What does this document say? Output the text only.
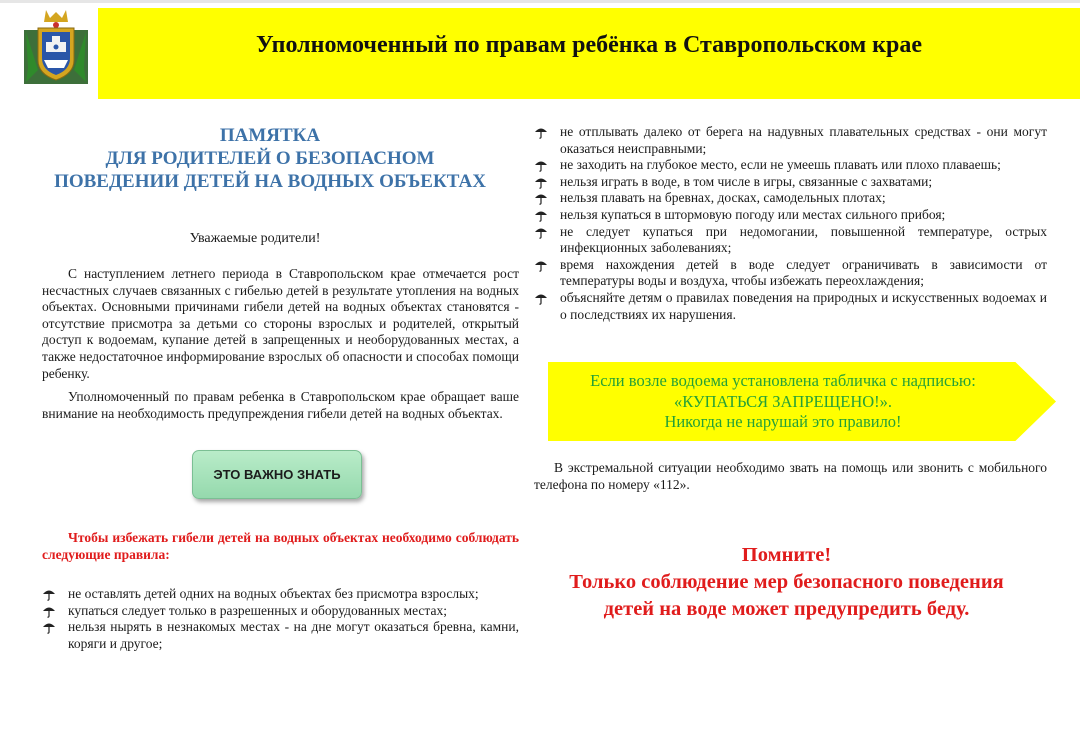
Уполномоченный по правам ребёнка в Ставропольском крае
ПАМЯТКА
ДЛЯ РОДИТЕЛЕЙ О БЕЗОПАСНОМ
ПОВЕДЕНИИ ДЕТЕЙ НА ВОДНЫХ ОБЪЕКТАХ
Уважаемые родители!
С наступлением летнего периода в Ставропольском крае отмечается рост несчастных случаев связанных с гибелью детей в результате утопления на водных объектах. Основными причинами гибели детей на водных объектах становятся - отсутствие присмотра за детьми со стороны взрослых и родителей, открытый доступ к водоемам, купание детей в запрещенных и необорудованных местах, а также недостаточное информирование взрослых об опасности и способах помощи ребенку.
Уполномоченный по правам ребенка в Ставропольском крае обращает ваше внимание на необходимость предупреждения гибели детей на водных объектах.
ЭТО ВАЖНО ЗНАТЬ
Чтобы избежать гибели детей на водных объектах необходимо соблюдать следующие правила:
не оставлять детей одних на водных объектах без присмотра взрослых;
купаться следует только в разрешенных и оборудованных местах;
нельзя нырять в незнакомых местах - на дне могут оказаться бревна, камни, коряги и другое;
не отплывать далеко от берега на надувных плавательных средствах - они могут оказаться неисправными;
не заходить на глубокое место, если не умеешь плавать или плохо плаваешь;
нельзя играть в воде, в том числе в игры, связанные с захватами;
нельзя плавать на бревнах, досках, самодельных плотах;
нельзя купаться в штормовую погоду или местах сильного прибоя;
не следует купаться при недомогании, повышенной температуре, острых инфекционных заболеваниях;
время нахождения детей в воде следует ограничивать в зависимости от температуры воды и воздуха, чтобы избежать переохлаждения;
объясняйте детям о правилах поведения на природных и искусственных водоемах и о последствиях их нарушения.
Если возле водоема установлена табличка с надписью:
«КУПАТЬСЯ ЗАПРЕЩЕНО!».
Никогда не нарушай это правило!
В экстремальной ситуации необходимо звать на помощь или звонить с мобильного телефона по номеру «112».
Помните!
Только соблюдение мер безопасного поведения
детей на воде может предупредить беду.
